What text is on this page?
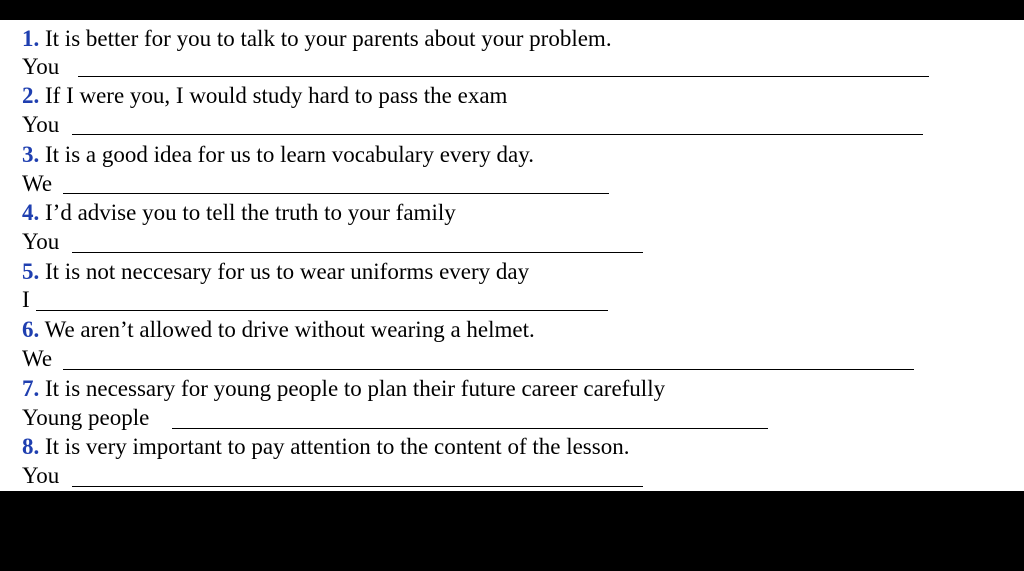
1. It is better for you to talk to your parents about your problem.
You
2. If I were you, I would study hard to pass the exam
You
3. It is a good idea for us to learn vocabulary every day.
We
4. I’d advise you to tell the truth to your family
You
5. It is not neccesary for us to wear uniforms every day
I
6. We aren’t allowed to drive without wearing a helmet.
We
7. It is necessary for young people to plan their future career carefully
Young people
8. It is very important to pay attention to the content of the lesson.
You
